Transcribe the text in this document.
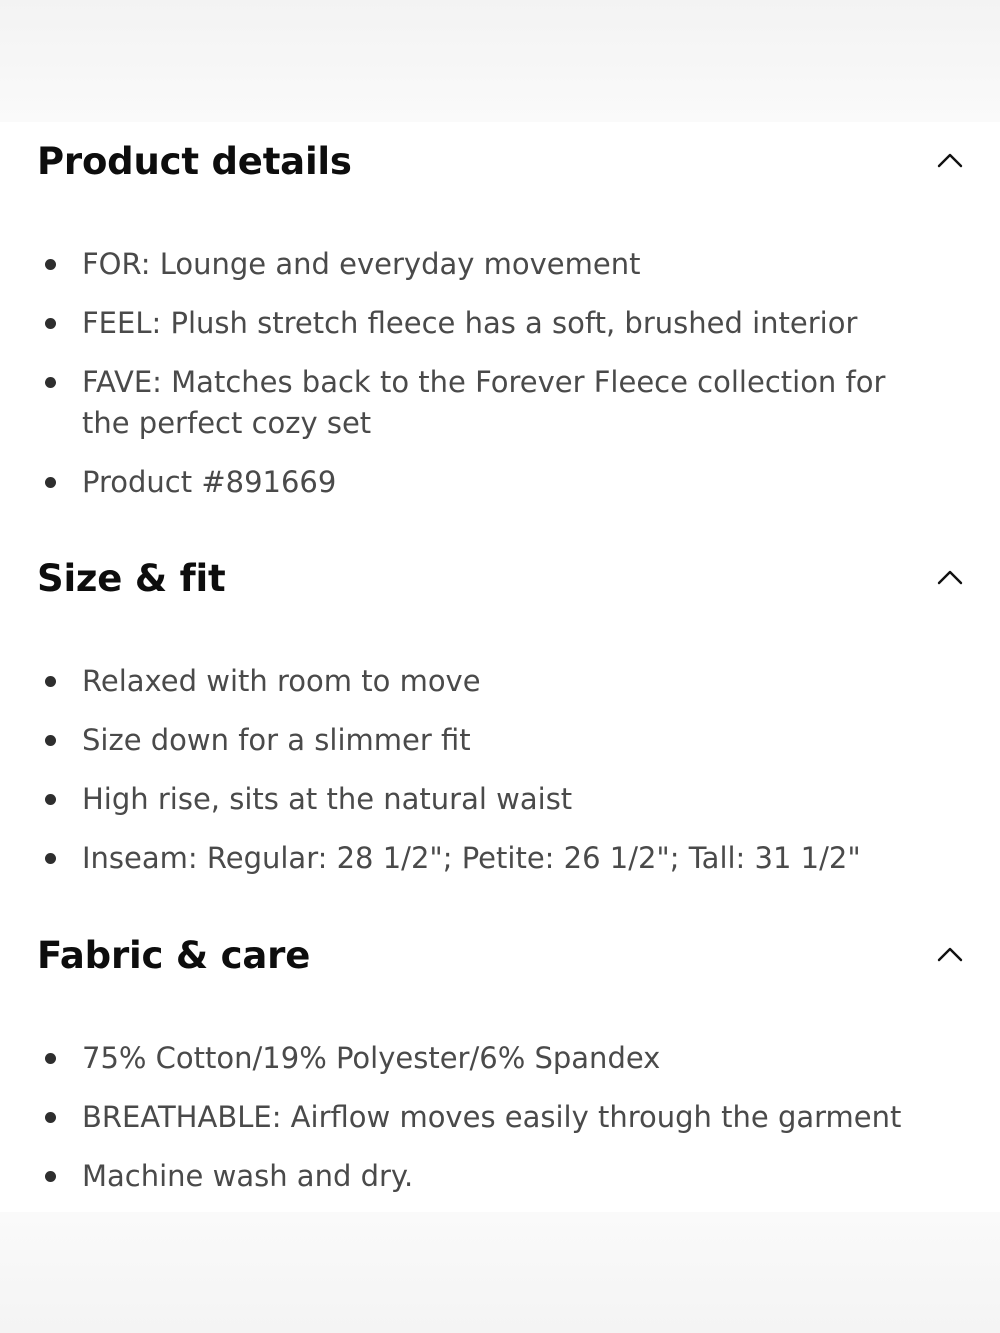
Product details
FOR: Lounge and everyday movement
FEEL: Plush stretch fleece has a soft, brushed interior
FAVE: Matches back to the Forever Fleece collection for the perfect cozy set
Product #891669
Size & fit
Relaxed with room to move
Size down for a slimmer fit
High rise, sits at the natural waist
Inseam: Regular: 28 1/2"; Petite: 26 1/2"; Tall: 31 1/2"
Fabric & care
75% Cotton/19% Polyester/6% Spandex
BREATHABLE: Airflow moves easily through the garment
Machine wash and dry.
